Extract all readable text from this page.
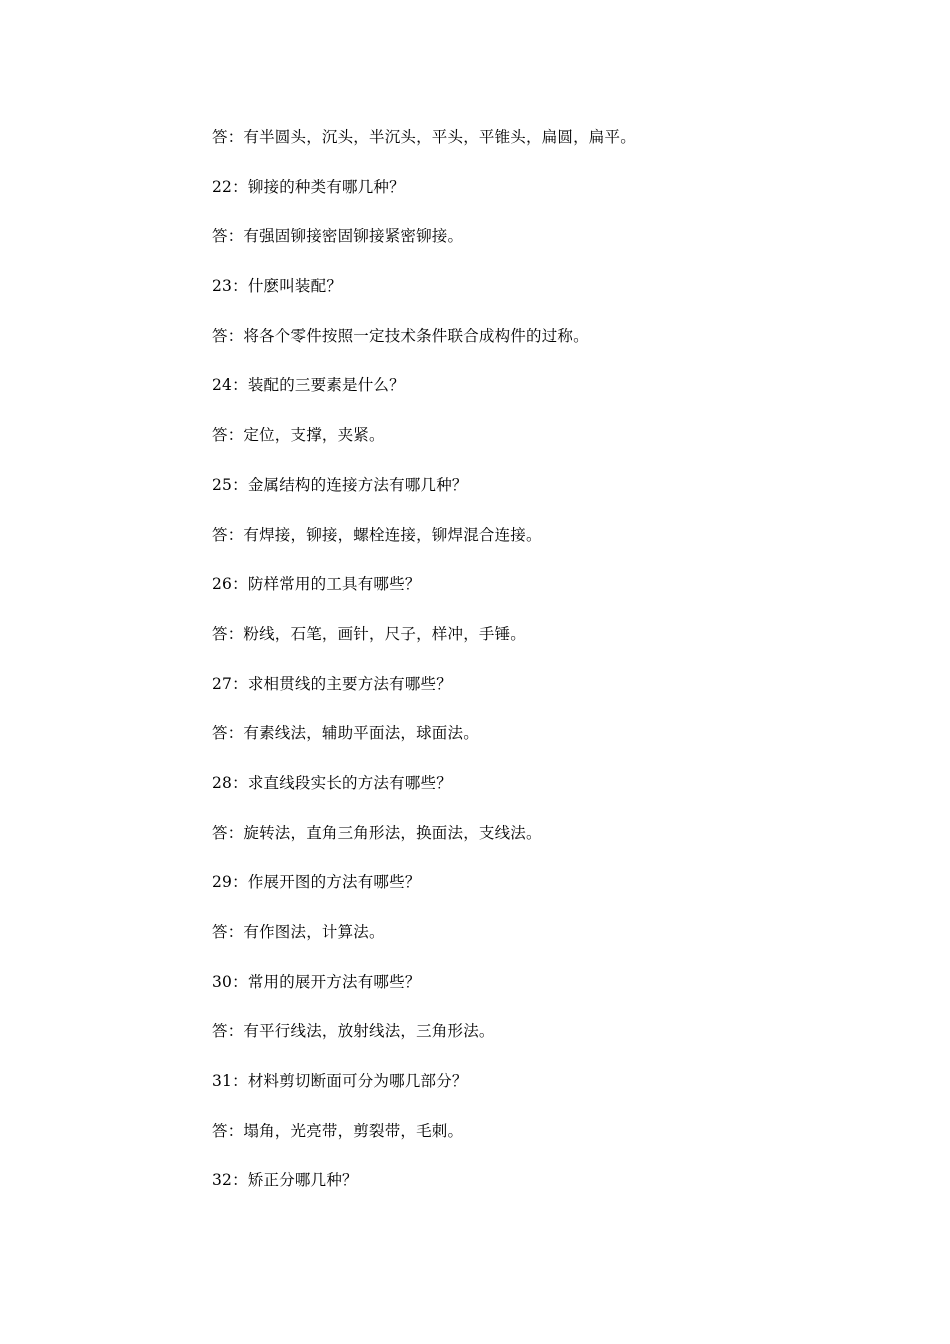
答：有半圆头，沉头，半沉头，平头，平锥头，扁圆，扁平。
22：铆接的种类有哪几种？
答：有强固铆接密固铆接紧密铆接。
23：什麽叫装配？
答：将各个零件按照一定技术条件联合成构件的过称。
24：装配的三要素是什么？
答：定位，支撑，夹紧。
25：金属结构的连接方法有哪几种？
答：有焊接，铆接，螺栓连接，铆焊混合连接。
26：防样常用的工具有哪些？
答：粉线，石笔，画针，尺子，样冲，手锤。
27：求相贯线的主要方法有哪些？
答：有素线法，辅助平面法，球面法。
28：求直线段实长的方法有哪些？
答：旋转法，直角三角形法，换面法，支线法。
29：作展开图的方法有哪些？
答：有作图法，计算法。
30：常用的展开方法有哪些？
答：有平行线法，放射线法，三角形法。
31：材料剪切断面可分为哪几部分？
答：塌角，光亮带，剪裂带，毛刺。
32：矫正分哪几种？
